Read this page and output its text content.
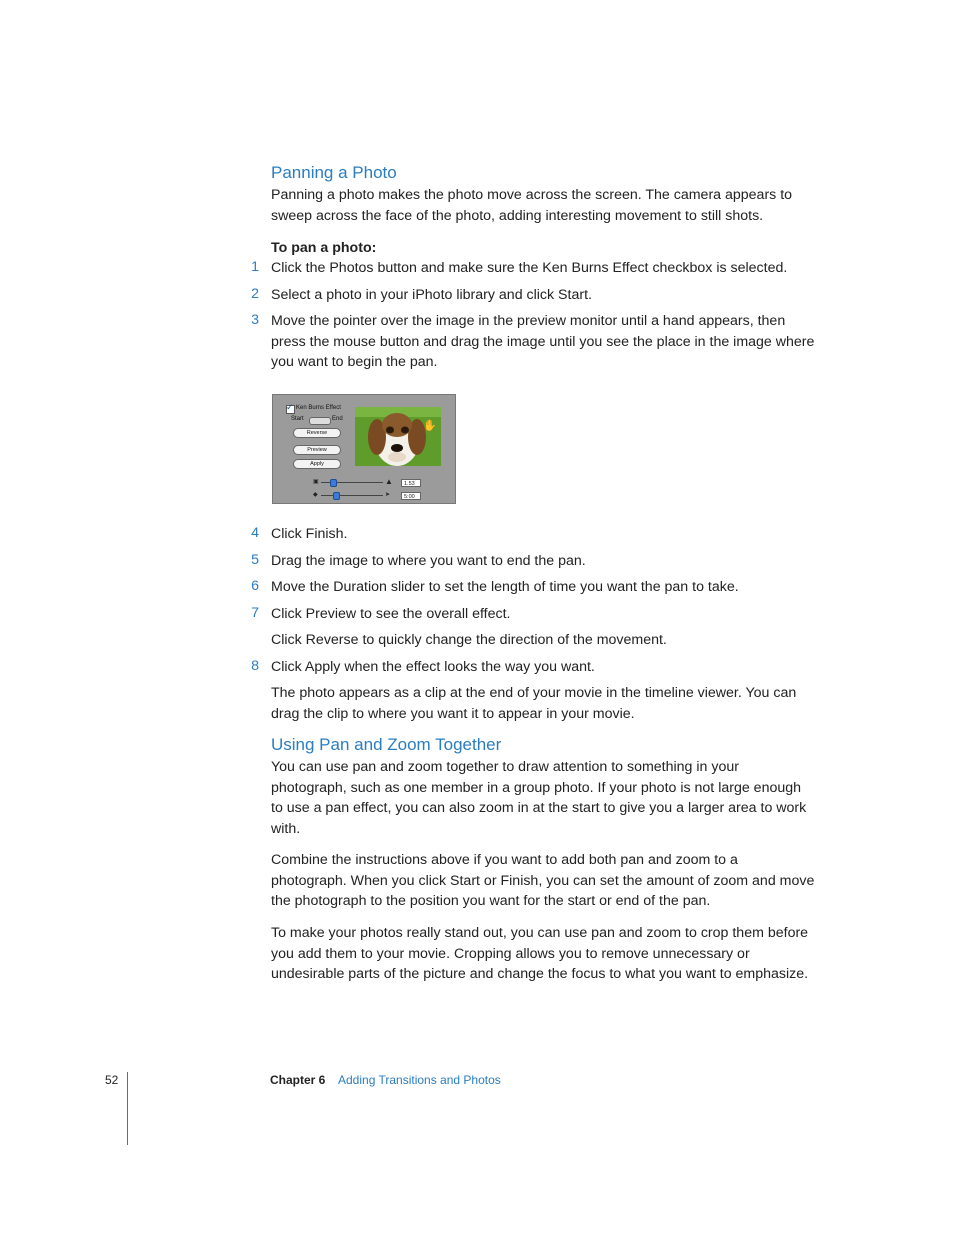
Panning a Photo
Panning a photo makes the photo move across the screen. The camera appears to
sweep across the face of the photo, adding interesting movement to still shots.
To pan a photo:
1 Click the Photos button and make sure the Ken Burns Effect checkbox is selected.
2 Select a photo in your iPhoto library and click Start.
3 Move the pointer over the image in the preview monitor until a hand appears, then
press the mouse button and drag the image until you see the place in the image where
you want to begin the pan.
✓
Ken Burns Effect
Start	End
Reverse
Preview
Apply
✋
▣	▲	1.53
◆	➤	5:00
4 Click Finish.
5 Drag the image to where you want to end the pan.
6 Move the Duration slider to set the length of time you want the pan to take.
7 Click Preview to see the overall effect.
Click Reverse to quickly change the direction of the movement.
8 Click Apply when the effect looks the way you want.
The photo appears as a clip at the end of your movie in the timeline viewer. You can
drag the clip to where you want it to appear in your movie.
Using Pan and Zoom Together
You can use pan and zoom together to draw attention to something in your
photograph, such as one member in a group photo. If your photo is not large enough
to use a pan effect, you can also zoom in at the start to give you a larger area to work
with.
Combine the instructions above if you want to add both pan and zoom to a
photograph. When you click Start or Finish, you can set the amount of zoom and move
the photograph to the position you want for the start or end of the pan.
To make your photos really stand out, you can use pan and zoom to crop them before
you add them to your movie. Cropping allows you to remove unnecessary or
undesirable parts of the picture and change the focus to what you want to emphasize.
52	Chapter 6 Adding Transitions and Photos
